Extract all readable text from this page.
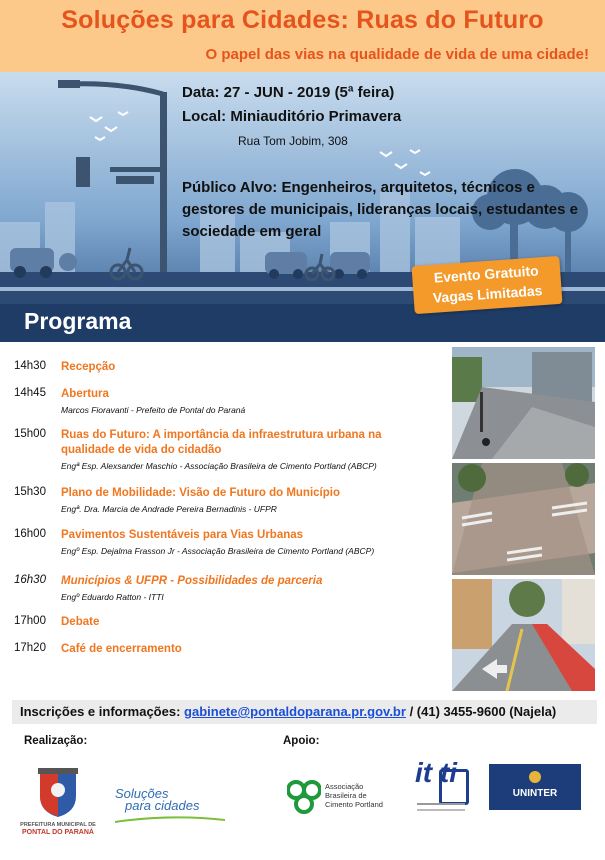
Soluções para Cidades: Ruas do Futuro
O papel das vias na qualidade de vida de uma cidade!
Data: 27 - JUN - 2019 (5ª feira)
Local: Miniauditório Primavera
Rua Tom Jobim, 308
Público Alvo: Engenheiros, arquitetos, técnicos e gestores de municipais, lideranças locais, estudantes e sociedade em geral
Evento Gratuito
Vagas Limitadas
Programa
14h30 Recepção
14h45 Abertura
Marcos Fioravanti - Prefeito de Pontal do Paraná
15h00 Ruas do Futuro: A importância da infraestrutura urbana na qualidade de vida do cidadão
Engª Esp. Alexsander Maschio - Associação Brasileira de Cimento Portland (ABCP)
15h30 Plano de Mobilidade: Visão de Futuro do Município
Engª. Dra. Marcia de Andrade Pereira Bernadinis - UFPR
16h00 Pavimentos Sustentáveis para Vias Urbanas
Engº Esp. Dejalma Frasson Jr - Associação Brasileira de Cimento Portland (ABCP)
16h30 Municípios & UFPR - Possibilidades de parceria
Engº Eduardo Ratton - ITTI
17h00 Debate
17h20 Café de encerramento
Inscrições e informações: gabinete@pontaldoparana.pr.gov.br / (41) 3455-9600 (Najela)
Realização:	Apoio:
PREFEITURA MUNICIPAL DE
PONTAL DO PARANÁ
Soluções
para cidades
Associação
Brasileira de
Cimento Portland
it ti
UNINTER
